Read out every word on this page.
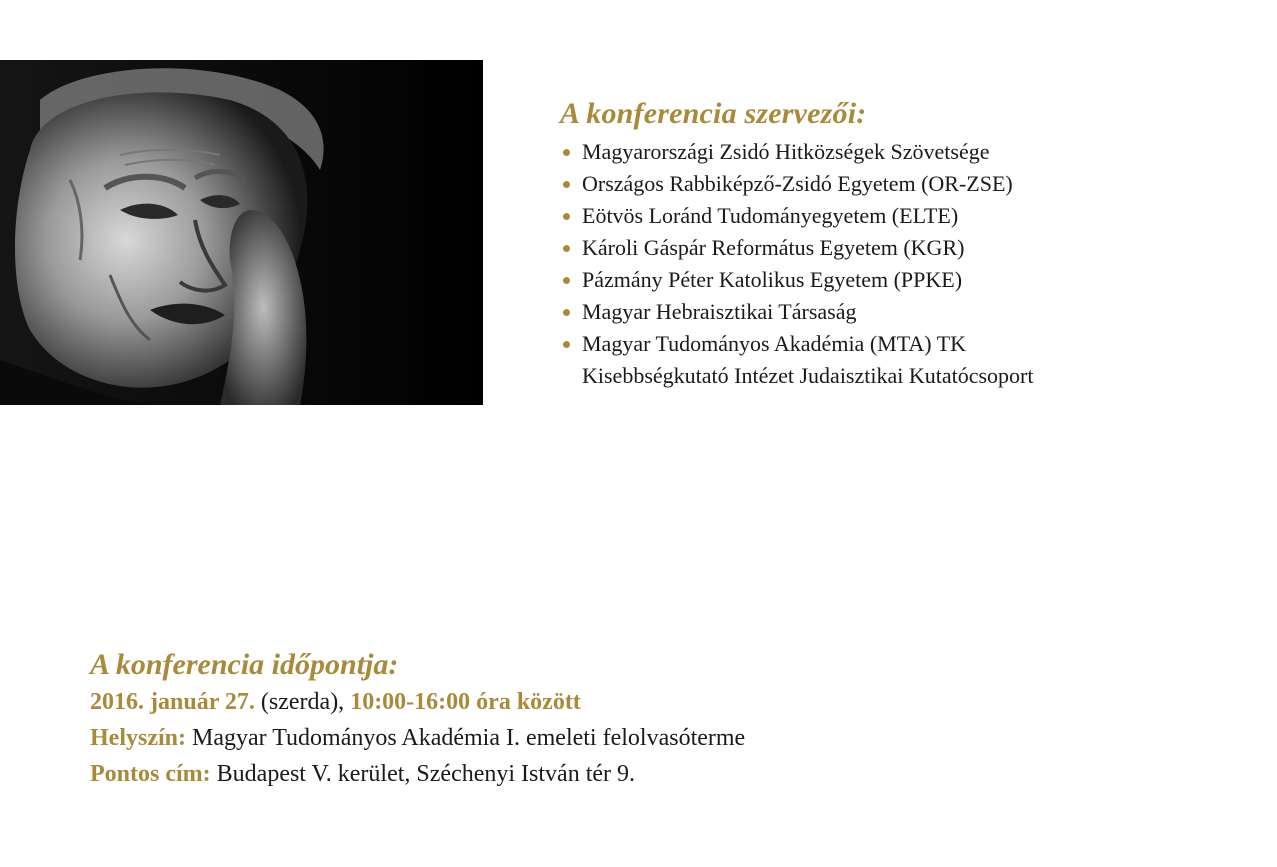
A konferencia szervezői:
Magyarországi Zsidó Hitközségek Szövetsége
Országos Rabbiképző-Zsidó Egyetem (OR-ZSE)
Eötvös Loránd Tudományegyetem (ELTE)
Károli Gáspár Református Egyetem (KGR)
Pázmány Péter Katolikus Egyetem (PPKE)
Magyar Hebraisztikai Társaság
Magyar Tudományos Akadémia (MTA) TK
Kisebbségkutató Intézet Judaisztikai Kutatócsoport
A konferencia időpontja:

2016. január 27. (szerda), 10:00-16:00 óra között

Helyszín: Magyar Tudományos Akadémia I. emeleti felolvasóterme

Pontos cím: Budapest V. kerület, Széchenyi István tér 9.
